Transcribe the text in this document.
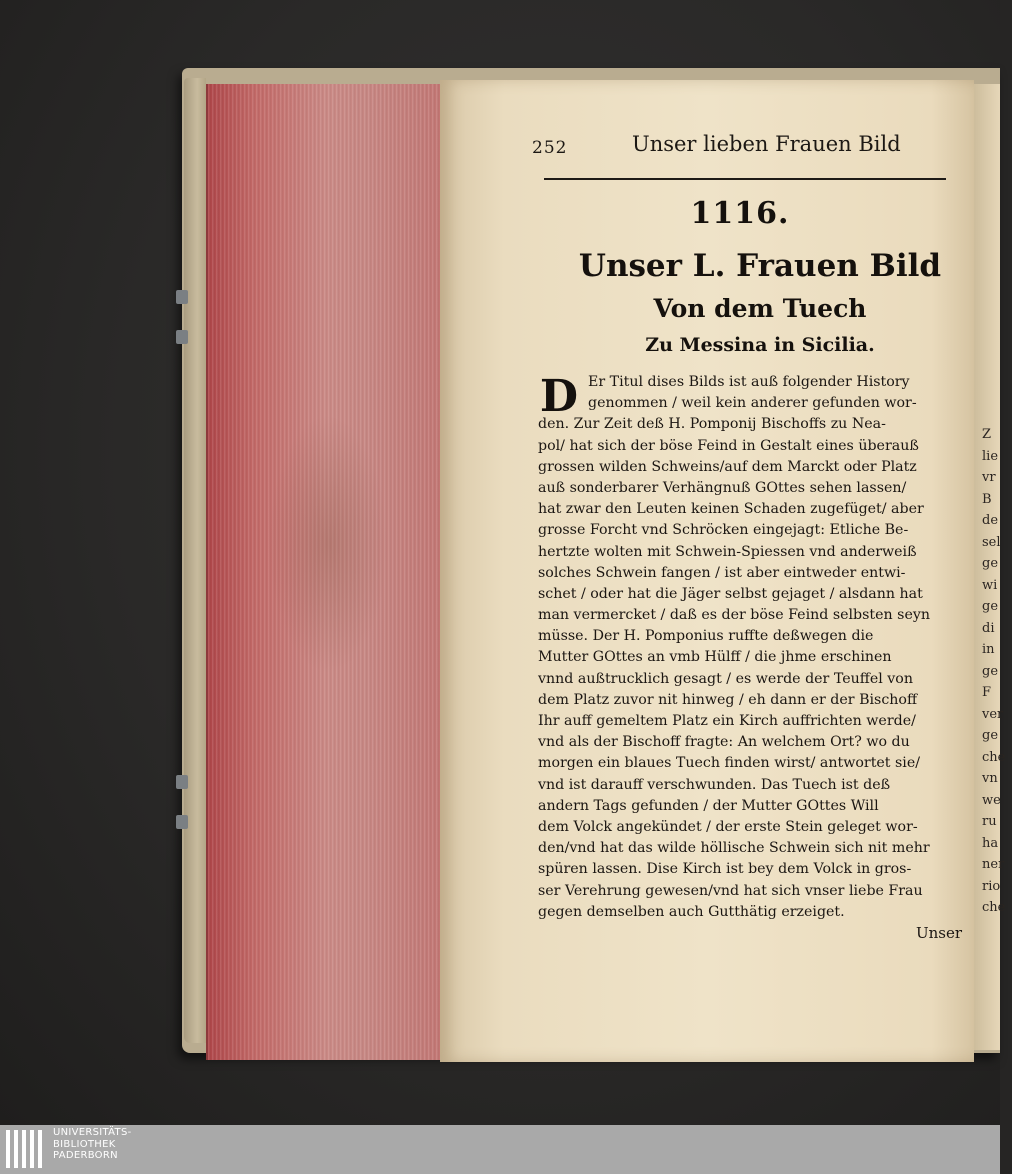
Z
lie
vr
B
de
sel
ge
wi
ge
di
in
ge
F
ver
ge
che
vn
we
ru
ha
ner
rio
che
252	Unser lieben Frauen Bild
1116.
Unser L. Frauen Bild
Von dem Tuech
Zu Messina in Sicilia.
D Er Titul dises Bilds ist auß folgender History
genommen / weil kein anderer gefunden wor-
den. Zur Zeit deß H. Pomponij Bischoffs zu Nea-
pol/ hat sich der böse Feind in Gestalt eines überauß
grossen wilden Schweins/auf dem Marckt oder Platz
auß sonderbarer Verhängnuß GOttes sehen lassen/
hat zwar den Leuten keinen Schaden zugefüget/ aber
grosse Forcht vnd Schröcken eingejagt: Etliche Be-
hertzte wolten mit Schwein-Spiessen vnd anderweiß
solches Schwein fangen / ist aber eintweder entwi-
schet / oder hat die Jäger selbst gejaget / alsdann hat
man vermercket / daß es der böse Feind selbsten seyn
müsse. Der H. Pomponius ruffte deßwegen die
Mutter GOttes an vmb Hülff / die jhme erschinen
vnnd außtrucklich gesagt / es werde der Teuffel von
dem Platz zuvor nit hinweg / eh dann er der Bischoff
Ihr auff gemeltem Platz ein Kirch auffrichten werde/
vnd als der Bischoff fragte: An welchem Ort? wo du
morgen ein blaues Tuech finden wirst/ antwortet sie/
vnd ist darauff verschwunden. Das Tuech ist deß
andern Tags gefunden / der Mutter GOttes Will
dem Volck angekündet / der erste Stein geleget wor-
den/vnd hat das wilde höllische Schwein sich nit mehr
spüren lassen. Dise Kirch ist bey dem Volck in gros-
ser Verehrung gewesen/vnd hat sich vnser liebe Frau
gegen demselben auch Gutthätig erzeiget.
Unser
UNIVERSITÄTS-
BIBLIOTHEK
PADERBORN
